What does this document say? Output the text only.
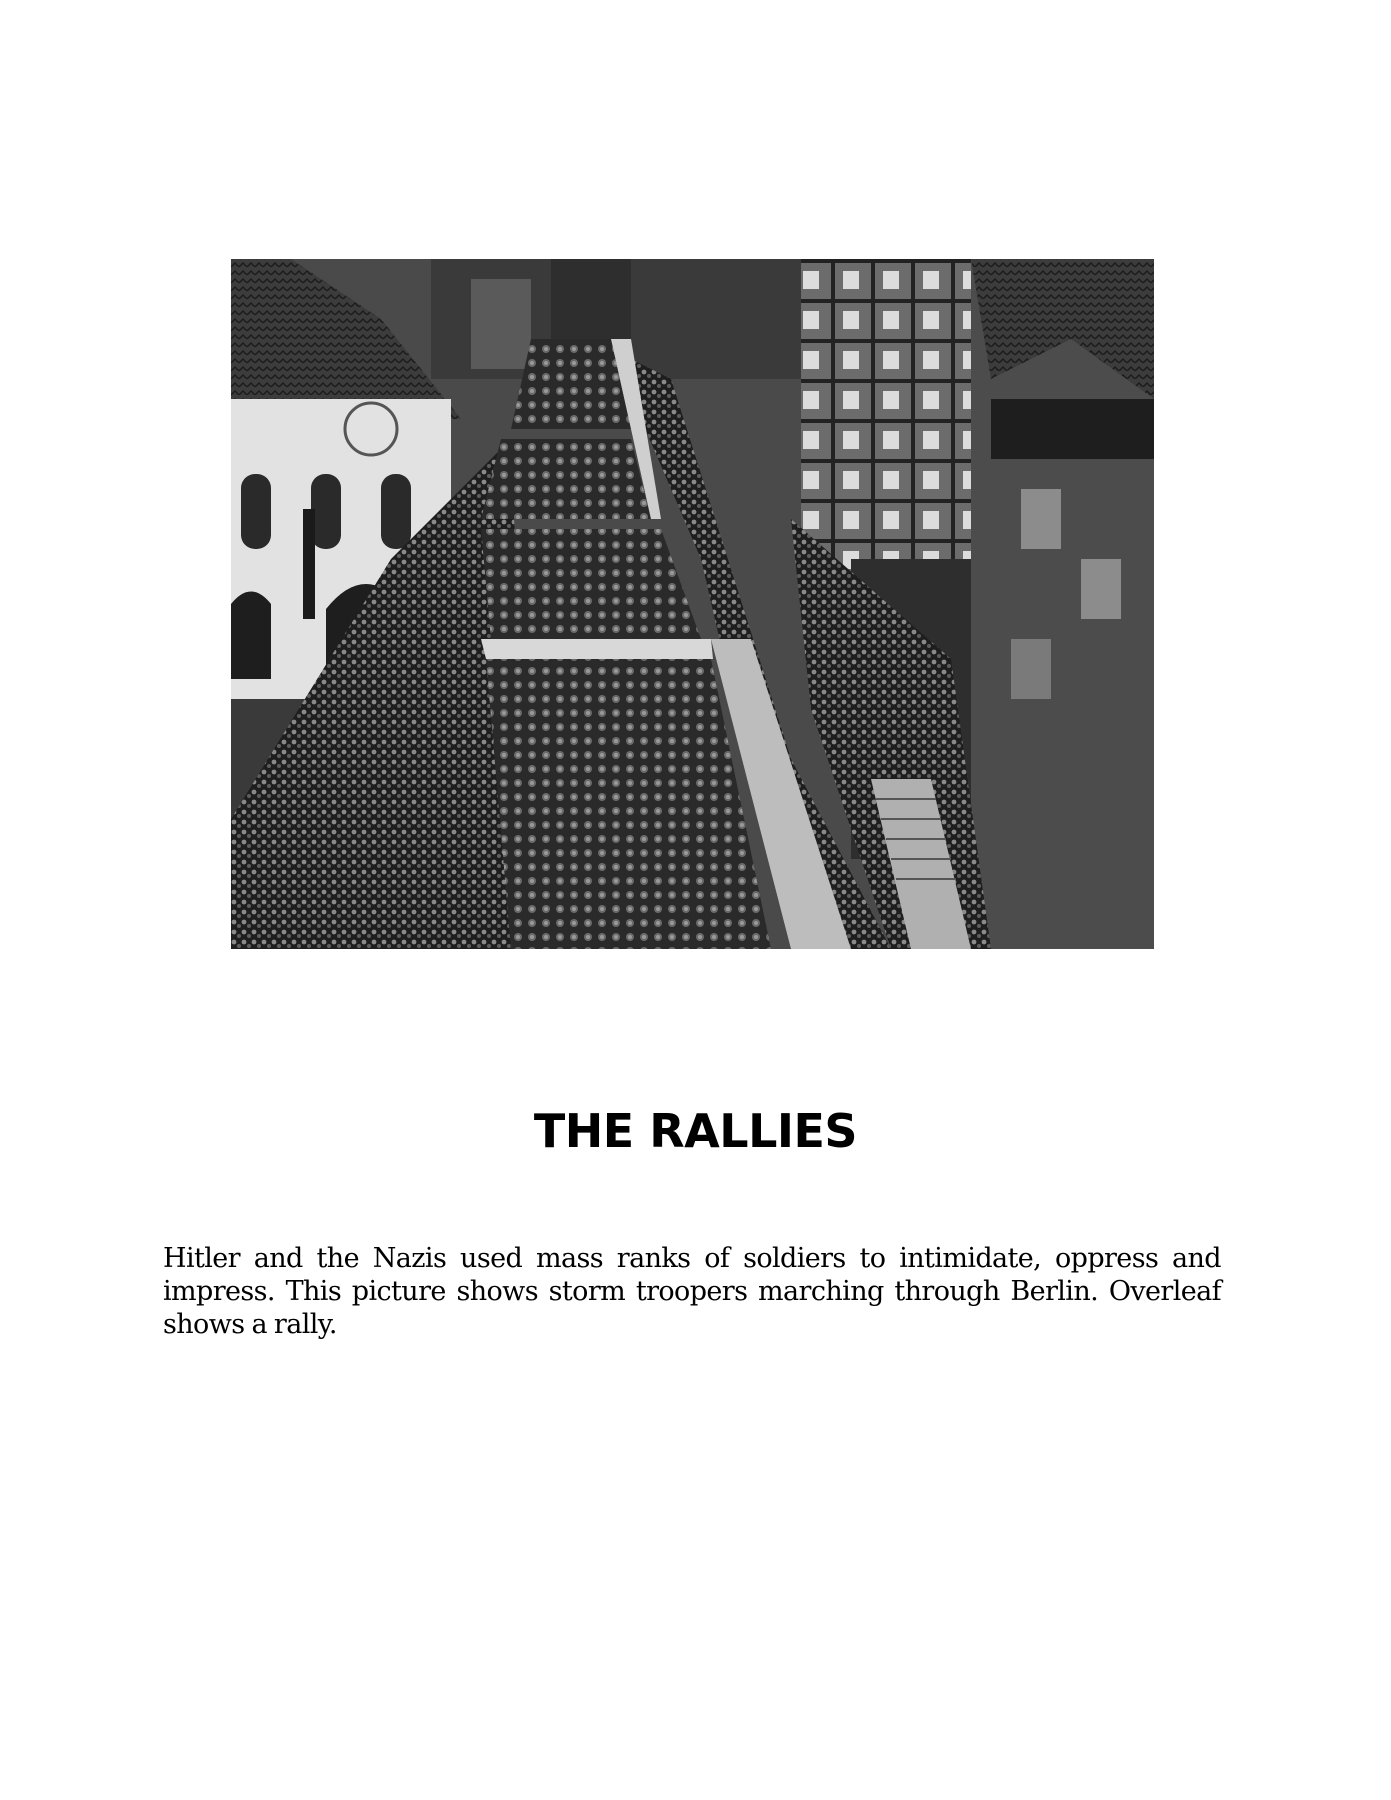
THE RALLIES

Hitler and the Nazis used mass ranks of soldiers to intimidate, oppress and impress. This picture shows storm troopers marching through Berlin. Overleaf shows a rally.
